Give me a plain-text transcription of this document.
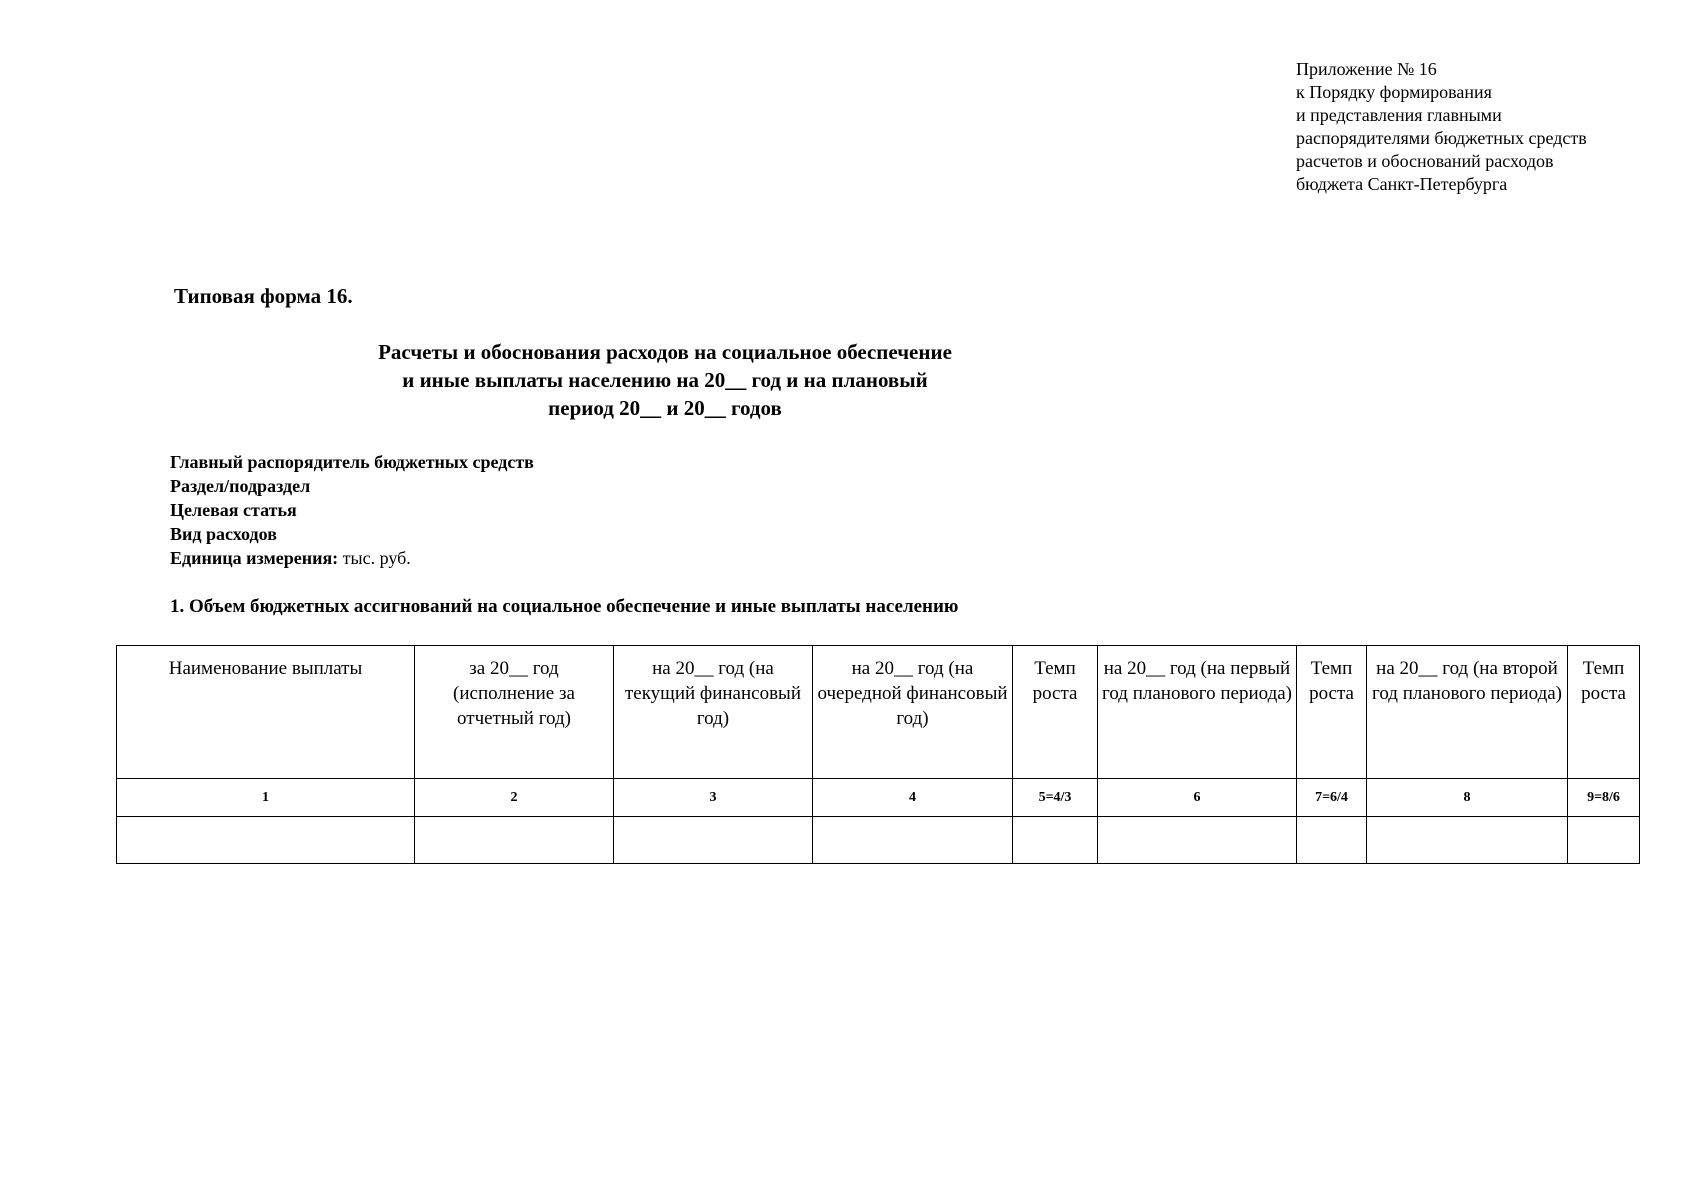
Приложение № 16
к Порядку формирования
и представления главными
распорядителями бюджетных средств
расчетов и обоснований расходов
бюджета Санкт-Петербурга
Типовая форма 16.
Расчеты и обоснования расходов на социальное обеспечение
и иные выплаты населению на 20__ год и на плановый
период 20__ и 20__ годов
Главный распорядитель бюджетных средств
Раздел/подраздел
Целевая статья
Вид расходов
Единица измерения: тыс. руб.
1. Объем бюджетных ассигнований на социальное обеспечение и иные выплаты населению
Наименование выплаты	за 20__ год (исполнение за отчетный год)	на 20__ год (на текущий финансовый год)	на 20__ год (на очередной финансовый год)	Темп роста	на 20__ год (на первый год планового периода)	Темп роста	на 20__ год (на второй год планового периода)	Темп роста
1	2	3	4	5=4/3	6	7=6/4	8	9=8/6
